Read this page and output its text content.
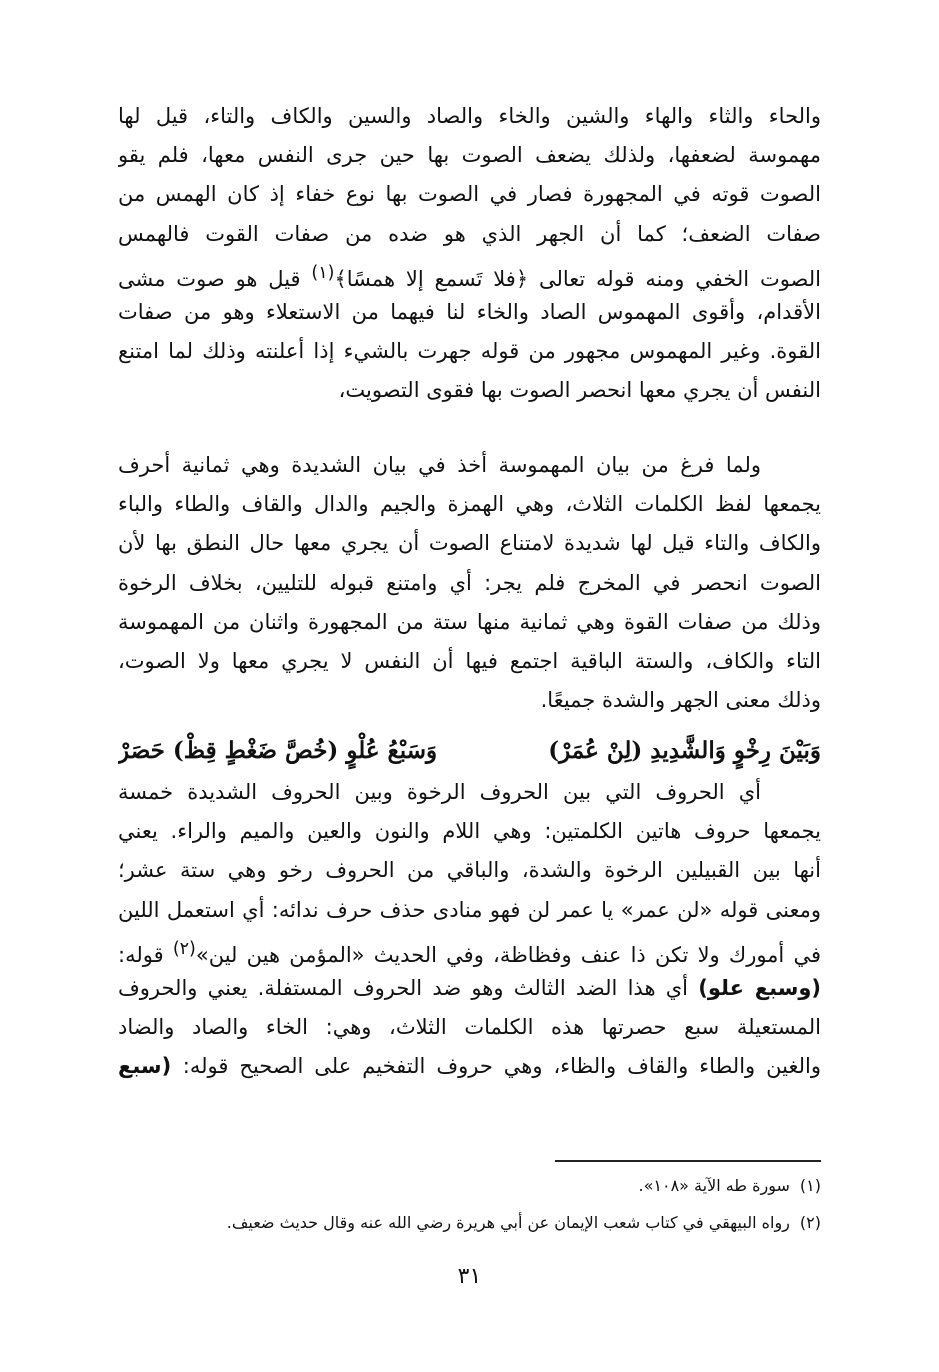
والحاء والثاء والهاء والشين والخاء والصاد والسين والكاف والتاء، قيل لها
مهموسة لضعفها، ولذلك يضعف الصوت بها حين جرى النفس معها، فلم يقو
الصوت قوته في المجهورة فصار في الصوت بها نوع خفاء إذ كان الهمس من
صفات الضعف؛ كما أن الجهر الذي هو ضده من صفات القوت فالهمس
الصوت الخفي ومنه قوله تعالى ﴿فلا تَسمع إلا همسًا﴾$^{(١)}$ قيل هو صوت مشى
الأقدام، وأقوى المهموس الصاد والخاء لنا فيهما من الاستعلاء وهو من صفات
القوة. وغير المهموس مجهور من قوله جهرت بالشيء إذا أعلنته وذلك لما امتنع
النفس أن يجري معها انحصر الصوت بها فقوى التصويت،
ولما فرغ من بيان المهموسة أخذ في بيان الشديدة وهي ثمانية أحرف
يجمعها لفظ الكلمات الثلاث، وهي الهمزة والجيم والدال والقاف والطاء والباء
والكاف والتاء قيل لها شديدة لامتناع الصوت أن يجري معها حال النطق بها لأن
الصوت انحصر في المخرج فلم يجر: أي وامتنع قبوله للتليين، بخلاف الرخوة
وذلك من صفات القوة وهي ثمانية منها ستة من المجهورة واثنان من المهموسة
التاء والكاف، والستة الباقية اجتمع فيها أن النفس لا يجري معها ولا الصوت،
وذلك معنى الجهر والشدة جميعًا.
وَبَيْنَ رِخْوٍ وَالشَّدِيدِ (لِنْ عُمَرْ)
وَسَبْعُ عُلْوٍ (خُصَّ ضَغْطٍ قِظْ) حَصَرْ
أي الحروف التي بين الحروف الرخوة وبين الحروف الشديدة خمسة
يجمعها حروف هاتين الكلمتين: وهي اللام والنون والعين والميم والراء. يعني
أنها بين القبيلين الرخوة والشدة، والباقي من الحروف رخو وهي ستة عشر؛
ومعنى قوله «لن عمر» يا عمر لن فهو منادى حذف حرف ندائه: أي استعمل اللين
في أمورك ولا تكن ذا عنف وفظاظة، وفي الحديث «المؤمن هين لين»$^{(٢)}$ قوله:
(وسبع علو) أي هذا الضد الثالث وهو ضد الحروف المستفلة. يعني والحروف
المستعيلة سبع حصرتها هذه الكلمات الثلاث، وهي: الخاء والصاد والضاد
والغين والطاء والقاف والظاء، وهي حروف التفخيم على الصحيح قوله: (سبع
(١)سورة طه الآية «١٠٨».
(٢)رواه البيهقي في كتاب شعب الإيمان عن أبي هريرة رضي الله عنه وقال حديث ضعيف.
٣١
